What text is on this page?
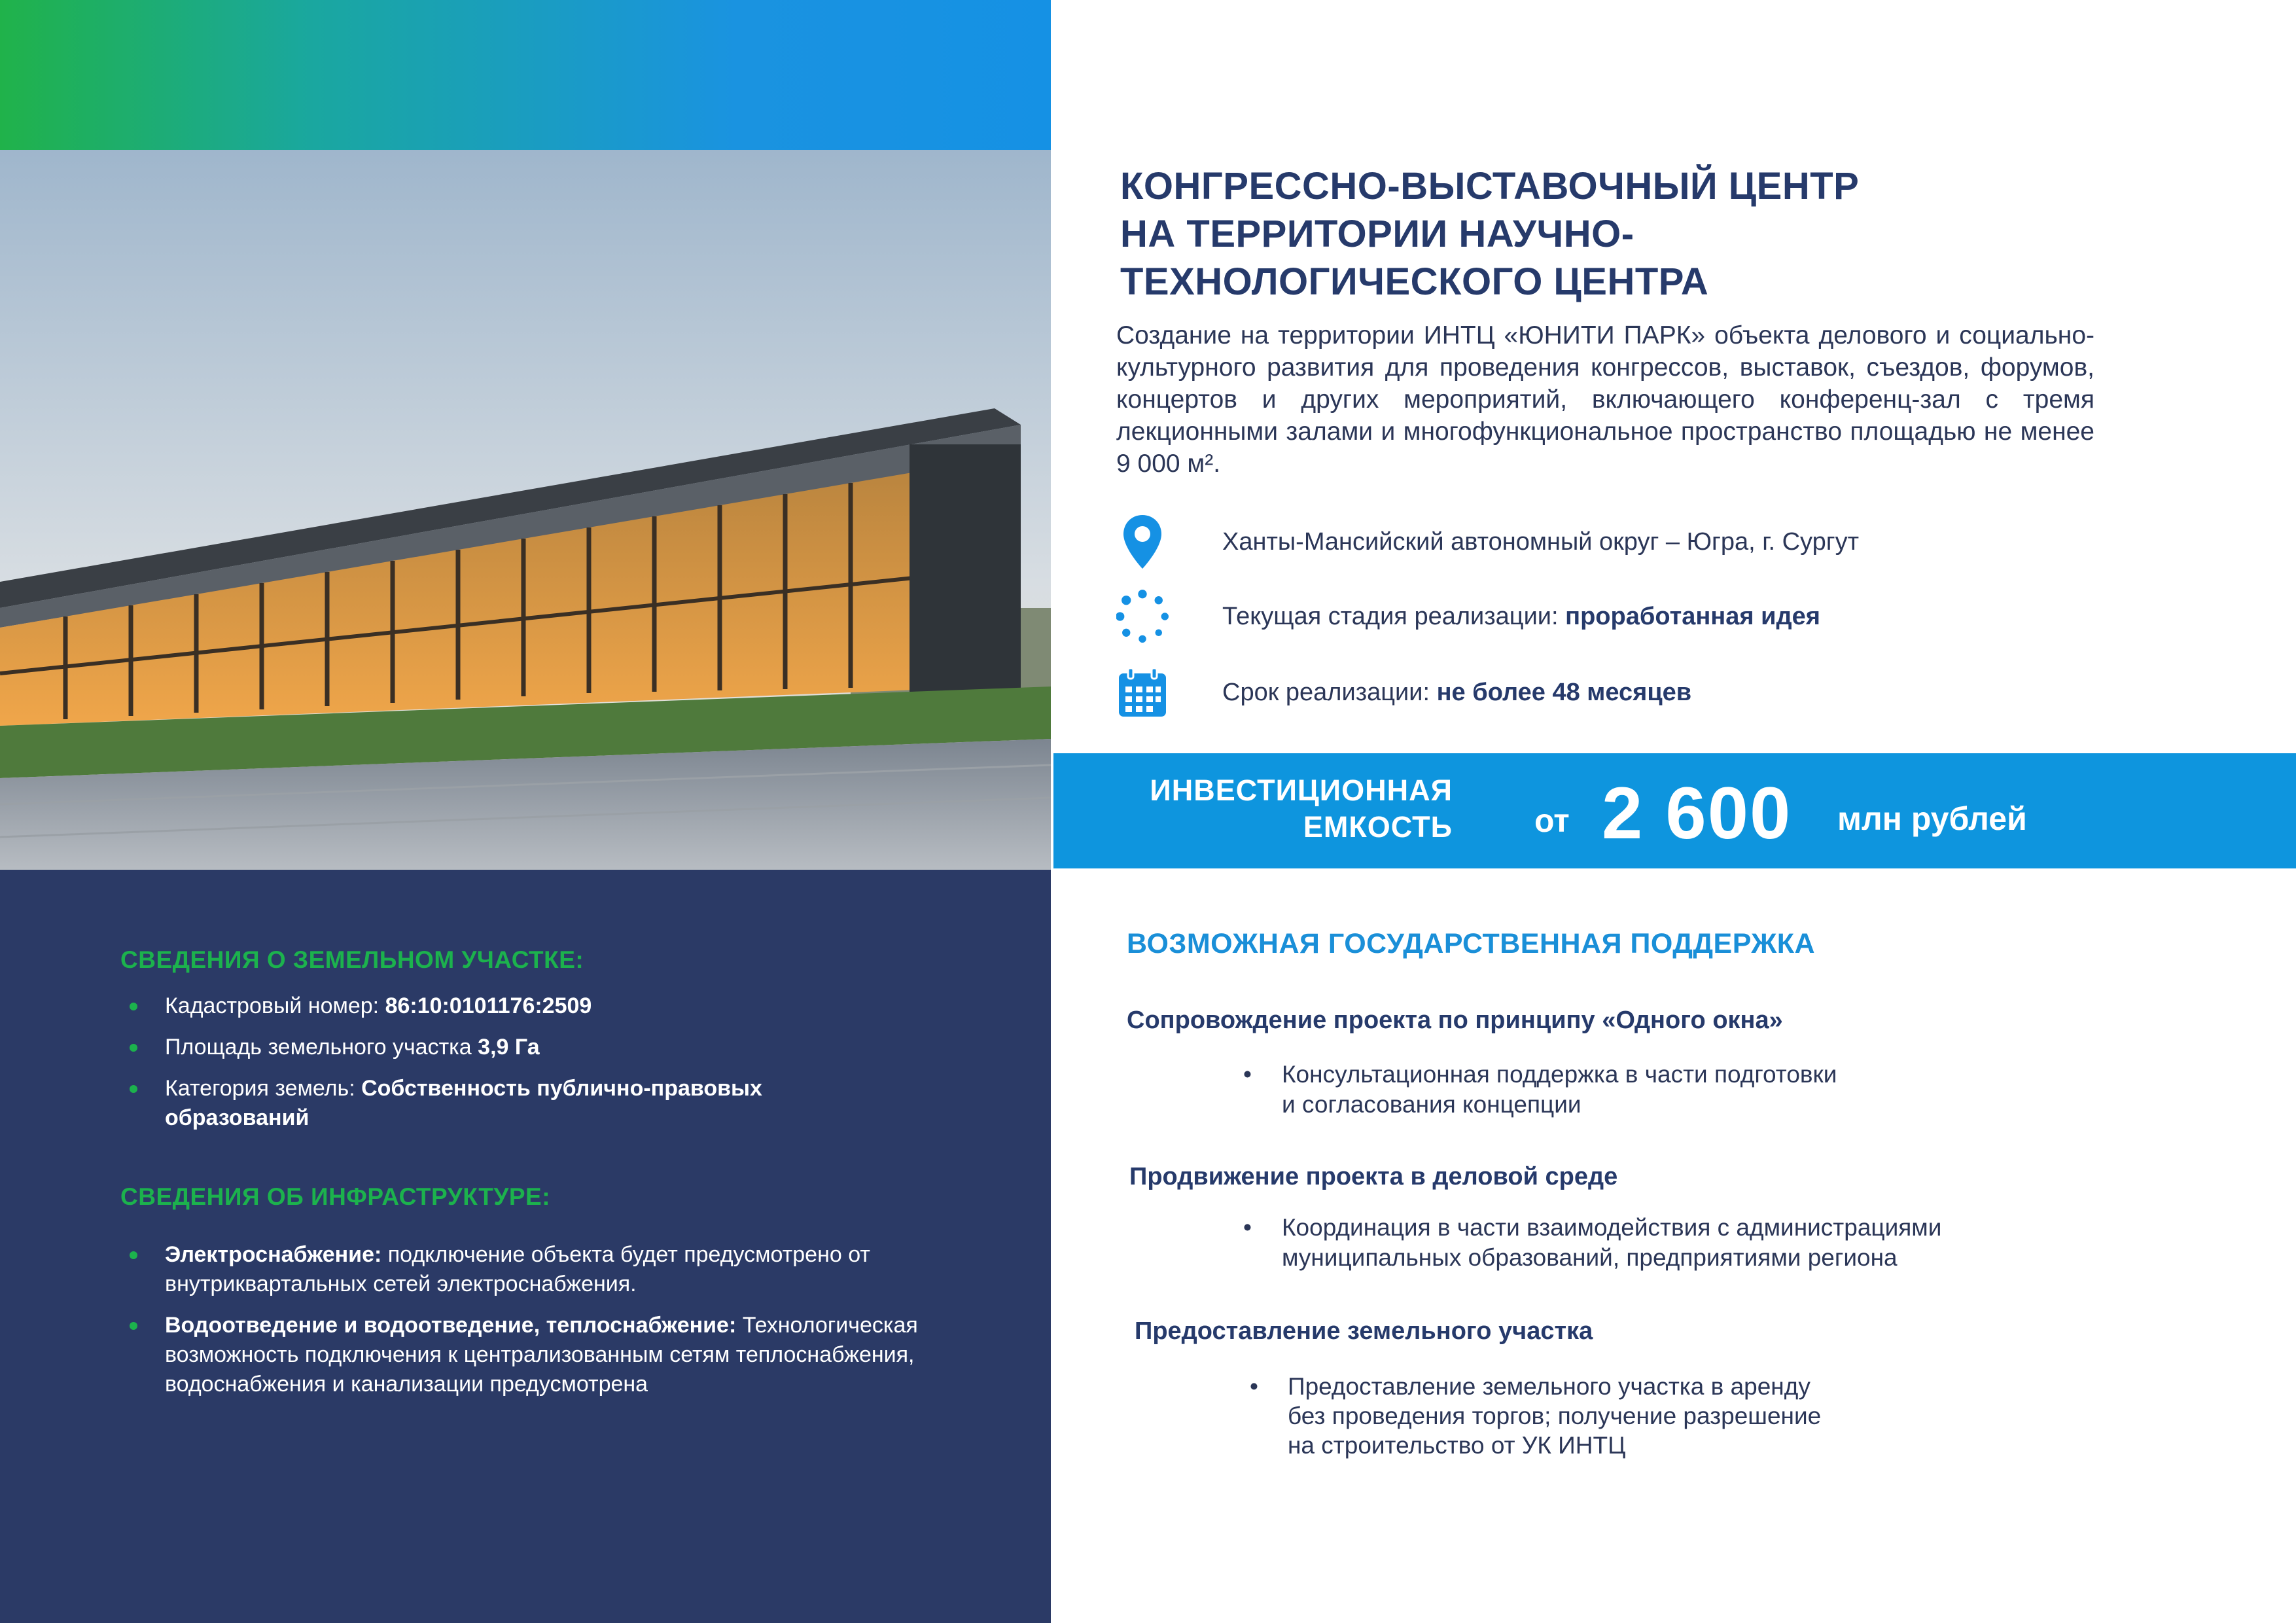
КОНГРЕССНО-ВЫСТАВОЧНЫЙ ЦЕНТР
НА ТЕРРИТОРИИ НАУЧНО-
ТЕХНОЛОГИЧЕСКОГО ЦЕНТРА
Создание на территории ИНТЦ «ЮНИТИ ПАРК» объекта делового и социально-культурного развития для проведения конгрессов, выставок, съездов, форумов, концертов и других мероприятий, включающего конференц-зал с тремя лекционными залами и многофункциональное пространство площадью не менее 9 000 м².
Ханты-Мансийский автономный округ – Югра, г. Сургут
Текущая стадия реализации: проработанная идея
Срок реализации: не более 48 месяцев
ИНВЕСТИЦИОННАЯ
ЕМКОСТЬ	от 2 600 млн рублей
СВЕДЕНИЯ О ЗЕМЕЛЬНОМ УЧАСТКЕ:
Кадастровый номер: 86:10:0101176:2509
Площадь земельного участка 3,9 Га
Категория земель: Собственность публично-правовых образований
СВЕДЕНИЯ ОБ ИНФРАСТРУКТУРЕ:
Электроснабжение: подключение объекта будет предусмотрено от внутриквартальных сетей электроснабжения.
Водоотведение и водоотведение, теплоснабжение: Технологическая возможность подключения к централизованным сетям теплоснабжения, водоснабжения и канализации предусмотрена
ВОЗМОЖНАЯ ГОСУДАРСТВЕННАЯ ПОДДЕРЖКА
Сопровождение проекта по принципу «Одного окна»
• Консультационная поддержка в части подготовки
и согласования концепции
Продвижение проекта в деловой среде
• Координация в части взаимодействия с администрациями
муниципальных образований, предприятиями региона
Предоставление земельного участка
• Предоставление земельного участка в аренду
без проведения торгов; получение разрешение
на строительство от УК ИНТЦ
